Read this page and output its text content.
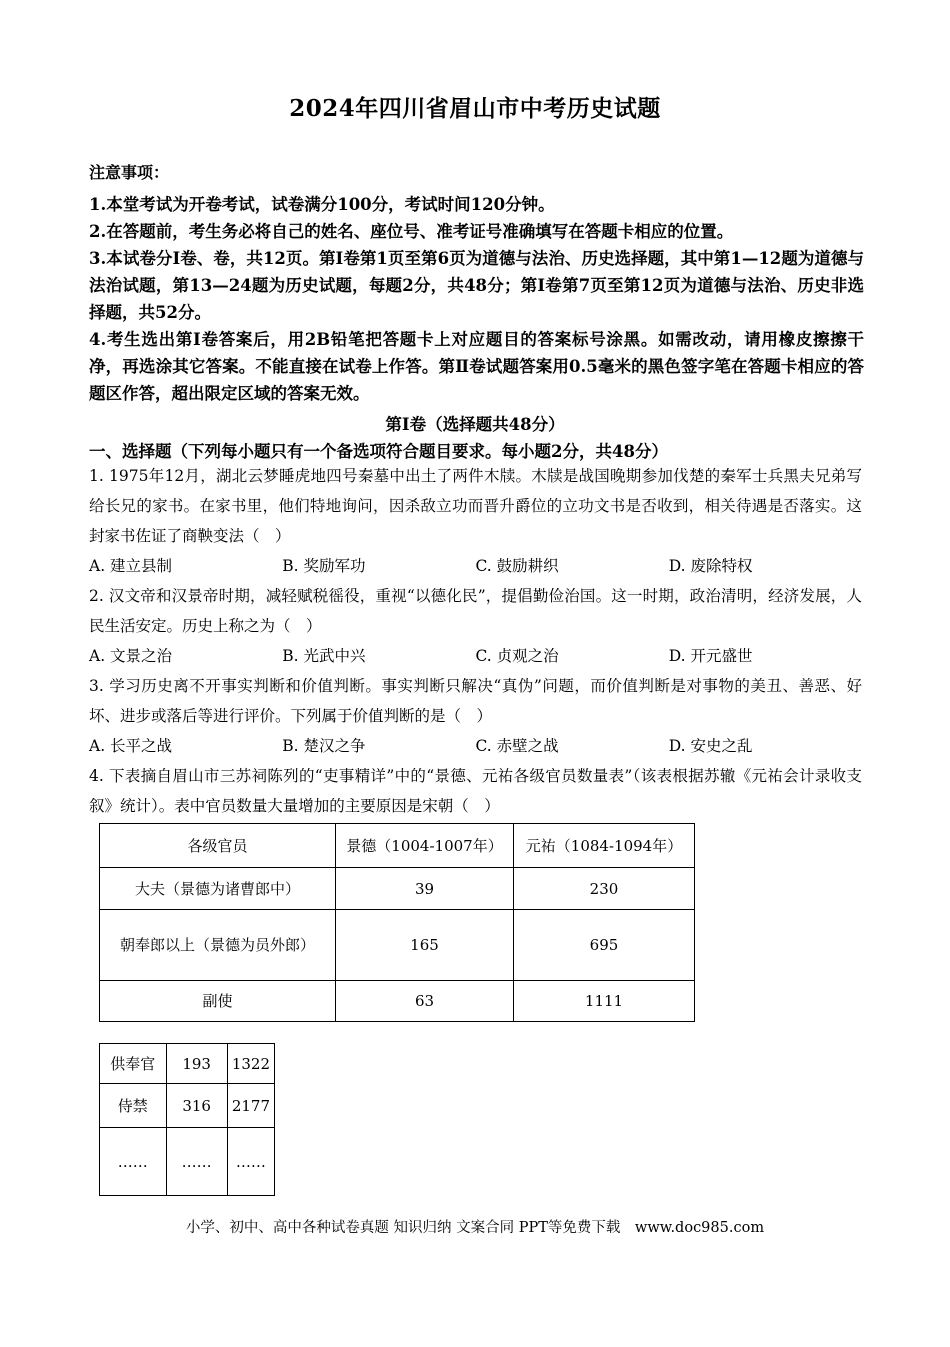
2024年四川省眉山市中考历史试题
注意事项：
1.本堂考试为开卷考试，试卷满分100分，考试时间120分钟。
2.在答题前，考生务必将自己的姓名、座位号、准考证号准确填写在答题卡相应的位置。
3.本试卷分I卷、卷，共12页。第I卷第1页至第6页为道德与法治、历史选择题，其中第1—12题为道德与法治试题，第13—24题为历史试题，每题2分，共48分；第I卷第7页至第12页为道德与法治、历史非选择题，共52分。
4.考生选出第I卷答案后，用2B铅笔把答题卡上对应题目的答案标号涂黑。如需改动，请用橡皮擦擦干净，再选涂其它答案。不能直接在试卷上作答。第Ⅱ卷试题答案用0.5毫米的黑色签字笔在答题卡相应的答题区作答，超出限定区域的答案无效。
第I卷（选择题共48分）
一、选择题（下列每小题只有一个备选项符合题目要求。每小题2分，共48分）
1. 1975年12月，湖北云梦睡虎地四号秦墓中出土了两件木牍。木牍是战国晚期参加伐楚的秦军士兵黑夫兄弟写给长兄的家书。在家书里，他们特地询问，因杀敌立功而晋升爵位的立功文书是否收到，相关待遇是否落实。这封家书佐证了商鞅变法（　）
A. 建立县制	B. 奖励军功	C. 鼓励耕织	D. 废除特权
2. 汉文帝和汉景帝时期，减轻赋税徭役，重视“以德化民”，提倡勤俭治国。这一时期，政治清明，经济发展，人民生活安定。历史上称之为（　）
A. 文景之治	B. 光武中兴	C. 贞观之治	D. 开元盛世
3. 学习历史离不开事实判断和价值判断。事实判断只解决“真伪”问题，而价值判断是对事物的美丑、善恶、好坏、进步或落后等进行评价。下列属于价值判断的是（　）
A. 长平之战	B. 楚汉之争	C. 赤壁之战	D. 安史之乱
4. 下表摘自眉山市三苏祠陈列的“吏事精详”中的“景德、元祐各级官员数量表”（该表根据苏辙《元祐会计录收支叙》统计）。表中官员数量大量增加的主要原因是宋朝（　）
各级官员	景德（1004-1007年）	元祐（1084-1094年）
大夫（景德为诸曹郎中）	39	230
朝奉郎以上（景德为员外郎）	165	695
副使	63	1111
供奉官	193	1322
侍禁	316	2177
……	……	……
小学、初中、高中各种试卷真题 知识归纳 文案合同 PPT等免费下载　www.doc985.com
